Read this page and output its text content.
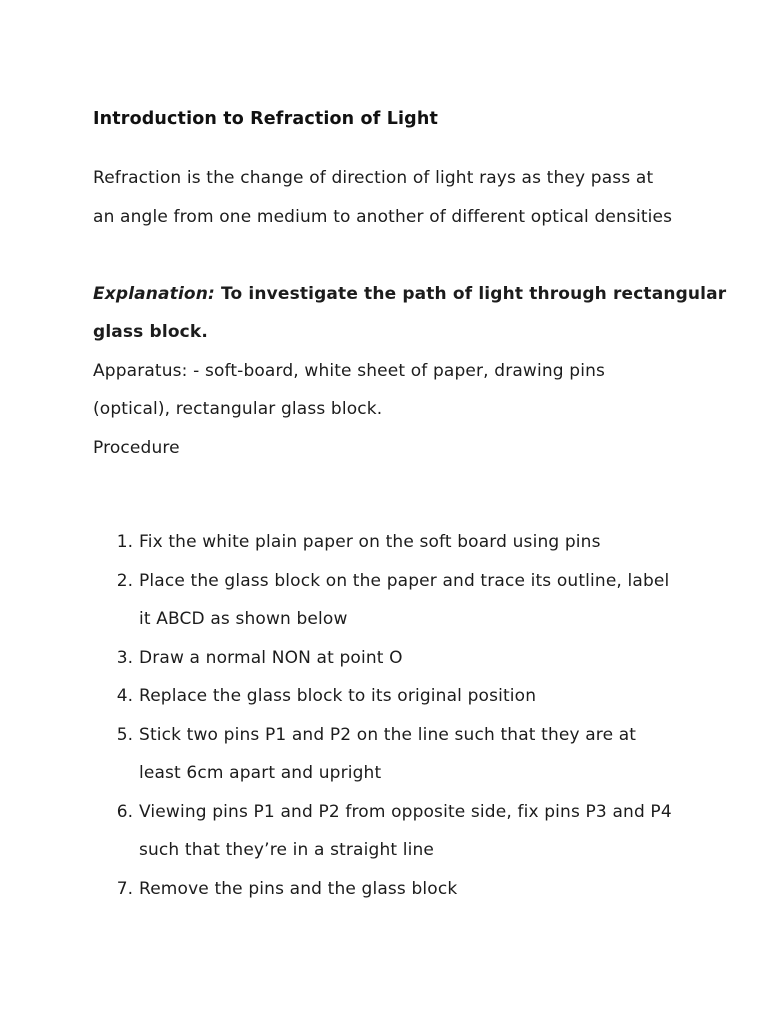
Introduction to Refraction of Light
Refraction is the change of direction of light rays as they pass at
an angle from one medium to another of different optical densities
Explanation: To investigate the path of light through rectangular
glass block.
Apparatus: - soft-board, white sheet of paper, drawing pins
(optical), rectangular glass block.
Procedure
1. Fix the white plain paper on the soft board using pins
2. Place the glass block on the paper and trace its outline, label
it ABCD as shown below
3. Draw a normal NON at point O
4. Replace the glass block to its original position
5. Stick two pins P1 and P2 on the line such that they are at
least 6cm apart and upright
6. Viewing pins P1 and P2 from opposite side, fix pins P3 and P4
such that they’re in a straight line
7. Remove the pins and the glass block
